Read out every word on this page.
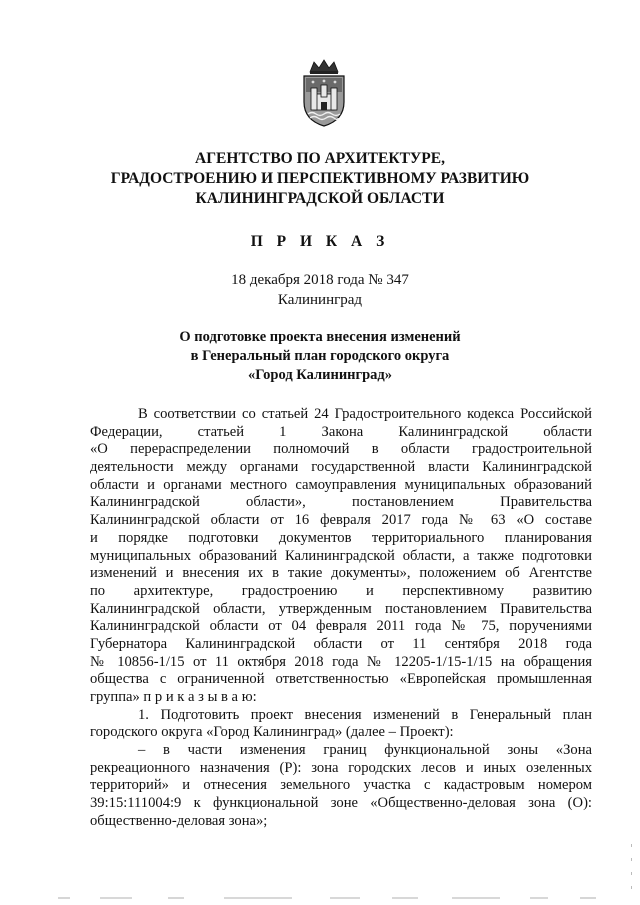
АГЕНТСТВО ПО АРХИТЕКТУРЕ,
ГРАДОСТРОЕНИЮ И ПЕРСПЕКТИВНОМУ РАЗВИТИЮ
КАЛИНИНГРАДСКОЙ ОБЛАСТИ
П Р И К А З
18 декабря 2018 года № 347
Калининград
О подготовке проекта внесения изменений
в Генеральный план городского округа
«Город Калининград»
В соответствии со статьей 24 Градостроительного кодекса Российской
Федерации, статьей 1 Закона Калининградской области
«О перераспределении полномочий в области градостроительной
деятельности между органами государственной власти Калининградской
области и органами местного самоуправления муниципальных образований
Калининградской области», постановлением Правительства
Калининградской области от 16 февраля 2017 года № 63 «О составе
и порядке подготовки документов территориального планирования
муниципальных образований Калининградской области, а также подготовки
изменений и внесения их в такие документы», положением об Агентстве
по архитектуре, градостроению и перспективному развитию
Калининградской области, утвержденным постановлением Правительства
Калининградской области от 04 февраля 2011 года № 75, поручениями
Губернатора Калининградской области от 11 сентября 2018 года
№ 10856-1/15 от 11 октября 2018 года № 12205-1/15-1/15 на обращения
общества с ограниченной ответственностью «Европейская промышленная
группа» п р и к а з ы в а ю:
1. Подготовить проект внесения изменений в Генеральный план
городского округа «Город Калининград» (далее – Проект):
– в части изменения границ функциональной зоны «Зона
рекреационного назначения (Р): зона городских лесов и иных озеленных
территорий» и отнесения земельного участка с кадастровым номером
39:15:111004:9 к функциональной зоне «Общественно-деловая зона (О):
общественно-деловая зона»;
